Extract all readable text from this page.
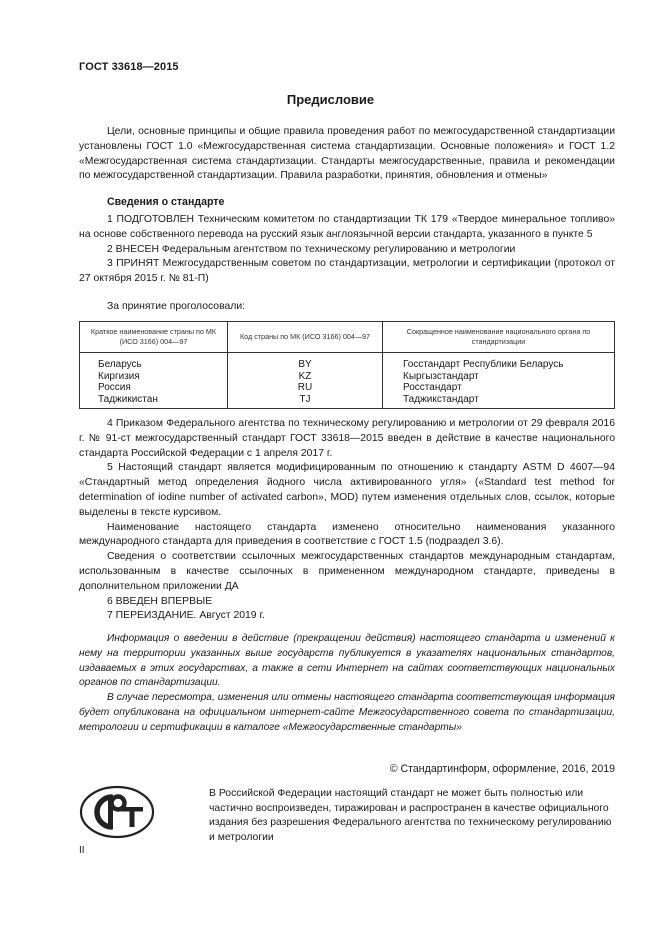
ГОСТ 33618—2015
Предисловие

Цели, основные принципы и общие правила проведения работ по межгосударственной стандартизации установлены ГОСТ 1.0 «Межгосударственная система стандартизации. Основные положения» и ГОСТ 1.2 «Межгосударственная система стандартизации. Стандарты межгосударственные, правила и рекомендации по межгосударственной стандартизации. Правила разработки, принятия, обновления и отмены»

Сведения о стандарте

1 ПОДГОТОВЛЕН Техническим комитетом по стандартизации ТК 179 «Твердое минеральное топливо» на основе собственного перевода на русский язык англоязычной версии стандарта, указанного в пункте 5

2 ВНЕСЕН Федеральным агентством по техническому регулированию и метрологии

3 ПРИНЯТ Межгосударственным советом по стандартизации, метрологии и сертификации (протокол от 27 октября 2015 г. № 81-П)

За принятие проголосовали:
Краткое наименование страны по МК (ИСО 3166) 004—97	Код страны по МК (ИСО 3166) 004—97	Сокращенное наименование национального органа по стандартизации
Беларусь	BY	Госстандарт Республики Беларусь
Киргизия	KZ	Кыргызстандарт
Россия	RU	Росстандарт
Таджикистан	TJ	Таджикстандарт

4 Приказом Федерального агентства по техническому регулированию и метрологии от 29 февраля 2016 г. № 91-ст межгосударственный стандарт ГОСТ 33618—2015 введен в действие в качестве национального стандарта Российской Федерации с 1 апреля 2017 г.

5 Настоящий стандарт является модифицированным по отношению к стандарту ASTM D 4607—94 «Стандартный метод определения йодного числа активированного угля» («Standard test method for determination of iodine number of activated carbon», MOD) путем изменения отдельных слов, ссылок, которые выделены в тексте курсивом.

Наименование настоящего стандарта изменено относительно наименования указанного международного стандарта для приведения в соответствие с ГОСТ 1.5 (подраздел 3.6).

Сведения о соответствии ссылочных межгосударственных стандартов международным стандартам, использованным в качестве ссылочных в примененном международном стандарте, приведены в дополнительном приложении ДА

6 ВВЕДЕН ВПЕРВЫЕ

7 ПЕРЕИЗДАНИЕ. Август 2019 г.

Информация о введении в действие (прекращении действия) настоящего стандарта и изменений к нему на территории указанных выше государств публикуется в указателях национальных стандартов, издаваемых в этих государствах, а также в сети Интернет на сайтах соответствующих национальных органов по стандартизации.

В случае пересмотра, изменения или отмены настоящего стандарта соответствующая информация будет опубликована на официальном интернет-сайте Межгосударственного совета по стандартизации, метрологии и сертификации в каталоге «Межгосударственные стандарты»

© Стандартинформ, оформление, 2016, 2019

В Российской Федерации настоящий стандарт не может быть полностью или частично воспроизведен, тиражирован и распространен в качестве официального издания без разрешения Федерального агентства по техническому регулированию и метрологии

II
